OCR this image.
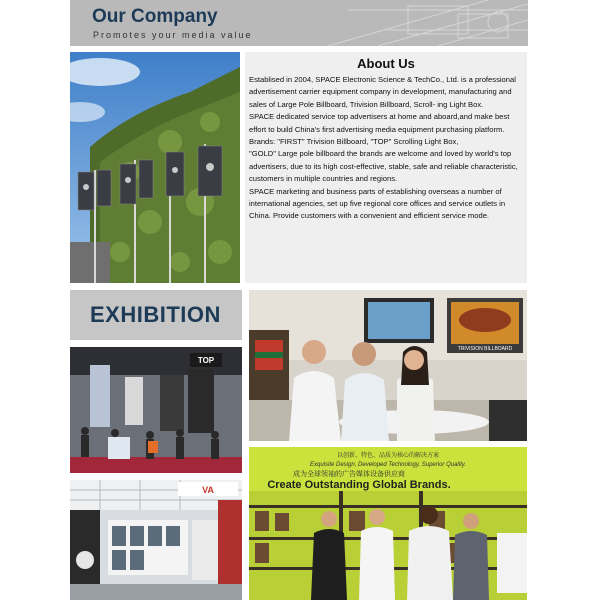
Our Company
Promotes your media value
About Us

Establised in 2004, SPACE Electronic Science & TechCo., Ltd. is a professional advertisement carrier equipment company in development, manufacturing and sales of Large Pole Billboard, Trivision Billboard, Scroll- ing Light Box.

SPACE dedicated service top advertisers at home and aboard,and make best effort to build China's first advertising media equipment purchasing platform.

Brands: "FIRST" Trivision Billboard, "TOP" Scrolling Light Box,

"GOLD" Large pole billboard the brands are welcome and loved by world's top advertisers, due to its high cost-effective, stable, safe and reliable characteristic, customers in multiple countries and regions.

SPACE marketing and business parts of establishing overseas a number of international agencies, set up five regional core offices and service outlets in China. Provide customers with a convenient and efficient service mode.

EXHIBITION
TRIVISION BILLBOARD
TOP
以创新、特色、品质为核心的解决方案
Exquisite Design, Developed Technology, Superior Quality.
成为全球领袖的广告媒体设备供应商
Create Outstanding Global Brands.
VA
